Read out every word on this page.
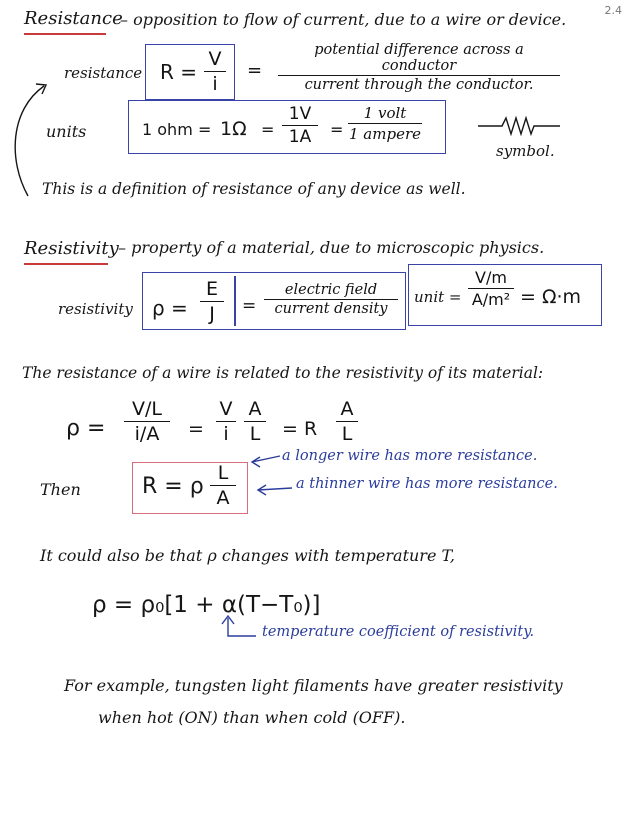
2.4
Resistance
– opposition to flow of current, due to a wire or device.
resistance R =
V
i
=
potential difference across a conductor
current through the conductor.
units	1 ohm = 1Ω =
1V
1A =
1 volt
1 ampere
symbol.
This is a definition of resistance of any device as well.
Resistivity – property of a material, due to microscopic physics.
resistivity ρ =
E
J =
electric field
current density
unit =
V/m
A/m² = Ω·m
The resistance of a wire is related to the resistivity of its material:
ρ =
V/L
i/A =
V
i
A
L = R
A
L
Then	R = ρ
L
A
a longer wire has more resistance.
a thinner wire has more resistance.
It could also be that ρ changes with temperature T,
ρ = ρ₀[1 + α(T−T₀)]
temperature coefficient of resistivity.
For example, tungsten light filaments have greater resistivity
when hot (ON) than when cold (OFF).
